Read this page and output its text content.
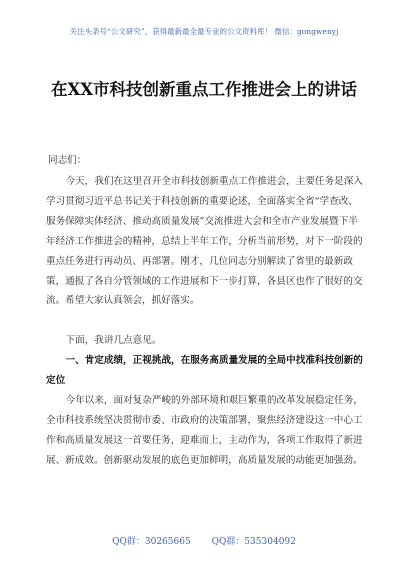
关注头条号“公文研究”，获得最新最全最专业的公文资料库！ 微信：gongwenyj
在XX市科技创新重点工作推进会上的讲话
同志们：
今天，我们在这里召开全市科技创新重点工作推进会，主要任务是深入学习贯彻习近平总书记关于科技创新的重要论述，全面落实全省“学查改、服务保障实体经济、推动高质量发展”交流推进大会和全市产业发展暨下半年经济工作推进会的精神，总结上半年工作，分析当前形势，对下一阶段的重点任务进行再动员、再部署。刚才，几位同志分别解读了省里的最新政策，通报了各自分管领域的工作进展和下一步打算，各县区也作了很好的交流。希望大家认真领会，抓好落实。
下面，我讲几点意见。
一、肯定成绩，正视挑战，在服务高质量发展的全局中找准科技创新的定位
今年以来，面对复杂严峻的外部环境和艰巨繁重的改革发展稳定任务，全市科技系统坚决贯彻市委、市政府的决策部署，聚焦经济建设这一中心工作和高质量发展这一首要任务，迎难而上，主动作为，各项工作取得了新进展、新成效。创新驱动发展的底色更加鲜明，高质量发展的动能更加强劲。
QQ群：30265665 QQ群：535304092
